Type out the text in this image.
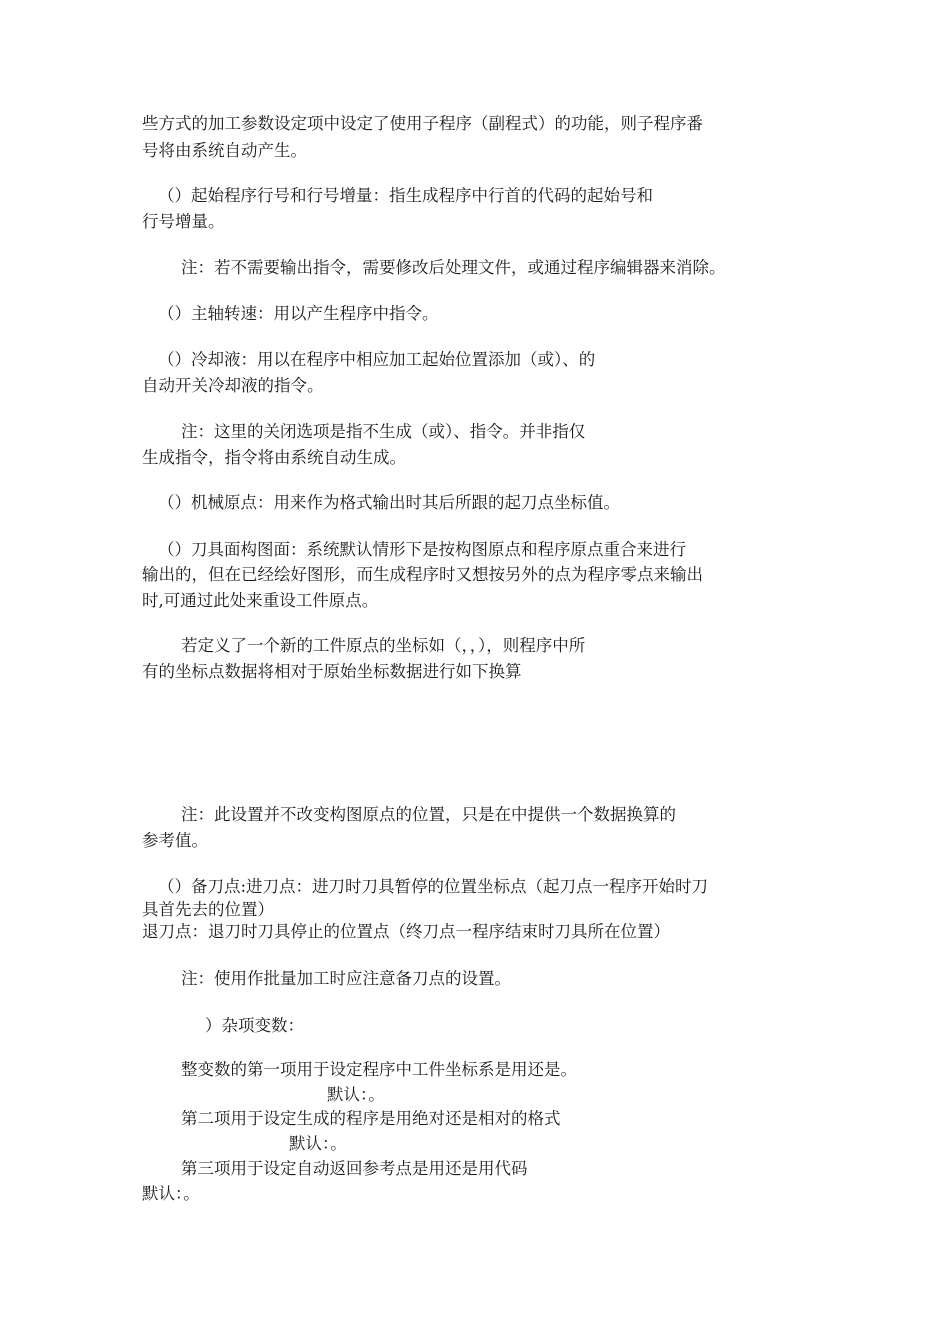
些方式的加工参数设定项中设定了使用子程序（副程式）的功能，则子程序番
号将由系统自动产生。
（）起始程序行号和行号增量：指生成程序中行首的代码的起始号和
行号增量。
注：若不需要输出指令，需要修改后处理文件，或通过程序编辑器来消除。
（）主轴转速：用以产生程序中指令。
（）冷却液：用以在程序中相应加工起始位置添加（或）、的
自动开关冷却液的指令。
注：这里的关闭选项是指不生成（或）、指令。并非指仅
生成指令，指令将由系统自动生成。
（）机械原点：用来作为格式输出时其后所跟的起刀点坐标值。
（）刀具面构图面：系统默认情形下是按构图原点和程序原点重合来进行
输出的，但在已经绘好图形，而生成程序时又想按另外的点为程序零点来输出
时,可通过此处来重设工件原点。
若定义了一个新的工件原点的坐标如（，，），则程序中所
有的坐标点数据将相对于原始坐标数据进行如下换算
注：此设置并不改变构图原点的位置，只是在中提供一个数据换算的
参考值。
（）备刀点:进刀点：进刀时刀具暂停的位置坐标点（起刀点一程序开始时刀
具首先去的位置）
退刀点：退刀时刀具停止的位置点（终刀点一程序结束时刀具所在位置）
注：使用作批量加工时应注意备刀点的设置。
）杂项变数：
整变数的第一项用于设定程序中工件坐标系是用还是。
默认：。
第二项用于设定生成的程序是用绝对还是相对的格式
默认：。
第三项用于设定自动返回参考点是用还是用代码
默认：。
